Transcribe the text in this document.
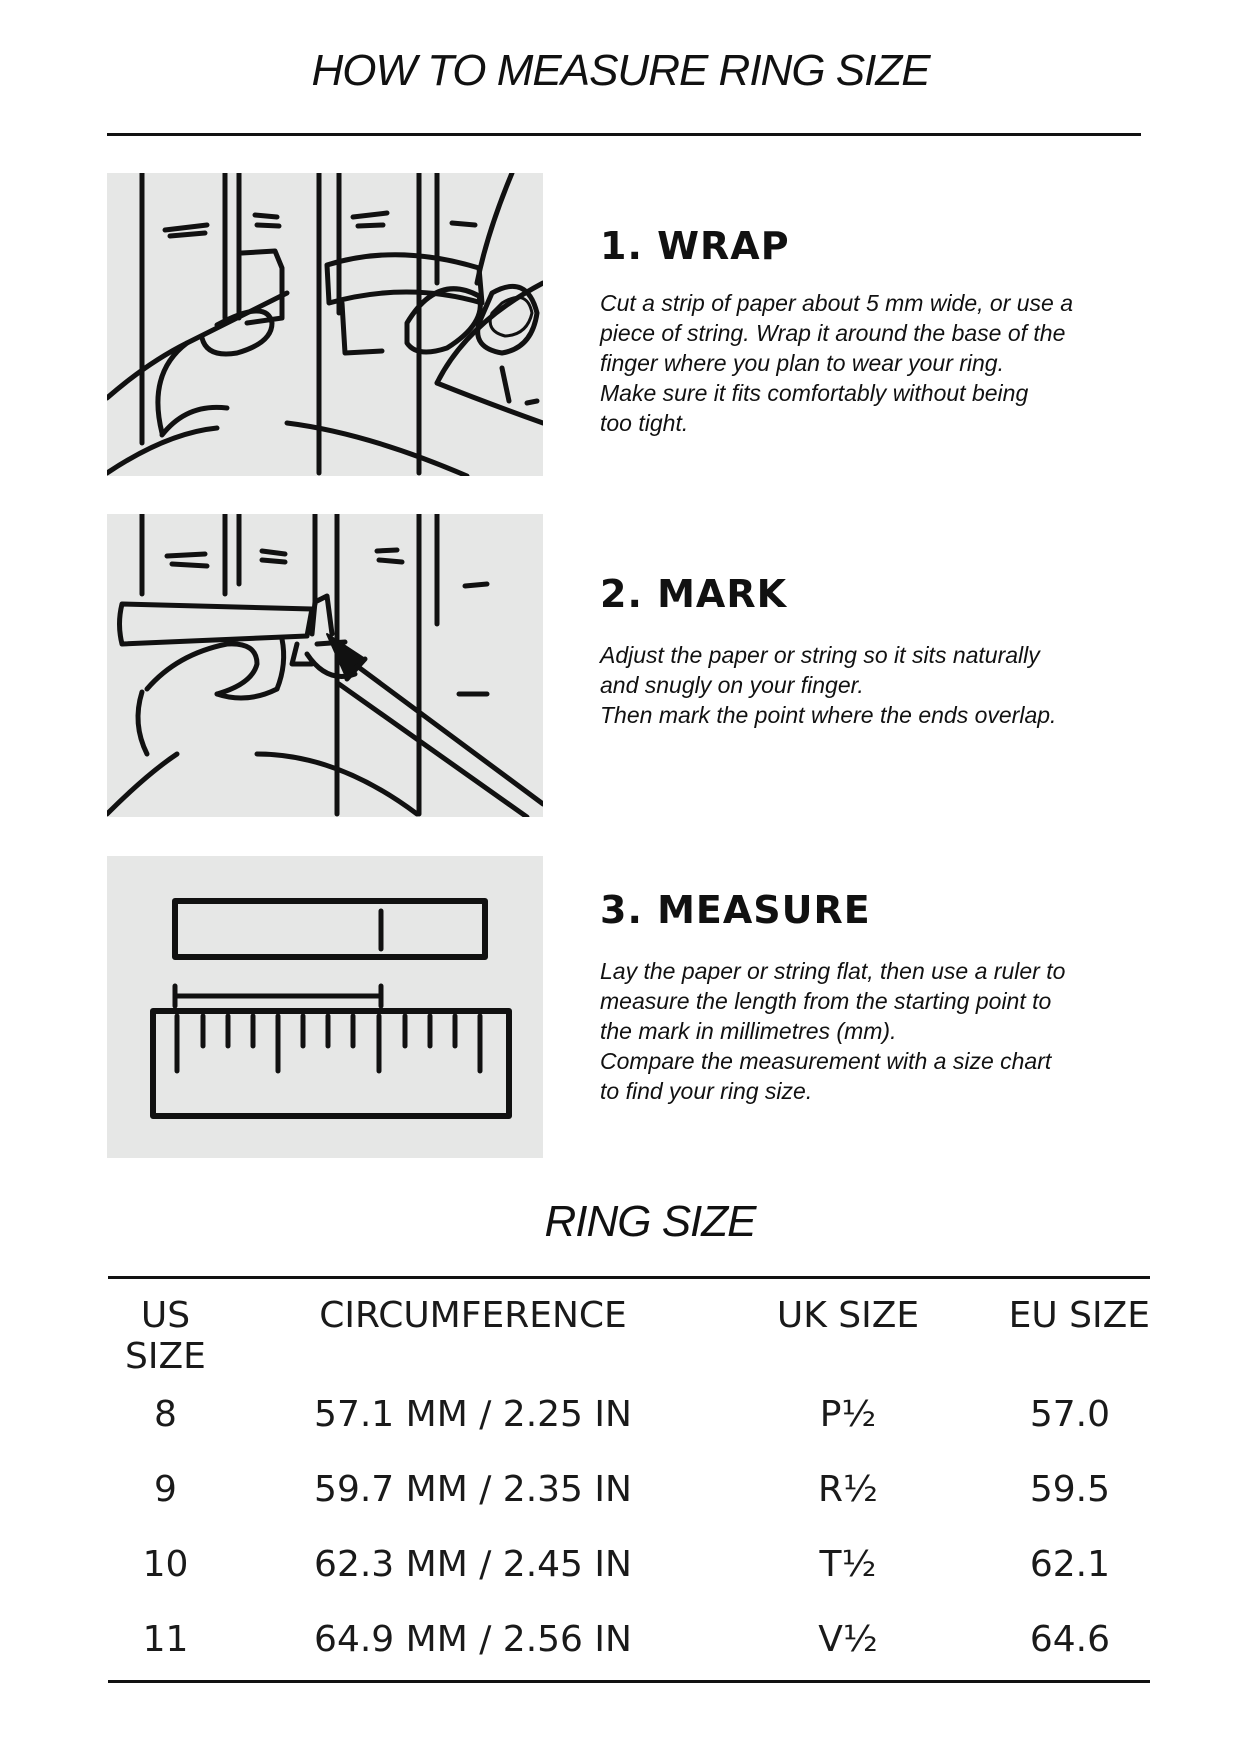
HOW TO MEASURE RING SIZE
1. WRAP

Cut a strip of paper about 5 mm wide, or use a
piece of string. Wrap it around the base of the
finger where you plan to wear your ring.
Make sure it fits comfortably without being
too tight.

2. MARK

Adjust the paper or string so it sits naturally
and snugly on your finger.
Then mark the point where the ends overlap.

3. MEASURE

Lay the paper or string flat, then use a ruler to
measure the length from the starting point to
the mark in millimetres (mm).
Compare the measurement with a size chart
to find your ring size.

RING SIZE
US SIZE	CIRCUMFERENCE	UK SIZE	EU SIZE
8	57.1 MM / 2.25 IN	P½	57.0
9	59.7 MM / 2.35 IN	R½	59.5
10	62.3 MM / 2.45 IN	T½	62.1
11	64.9 MM / 2.56 IN	V½	64.6
